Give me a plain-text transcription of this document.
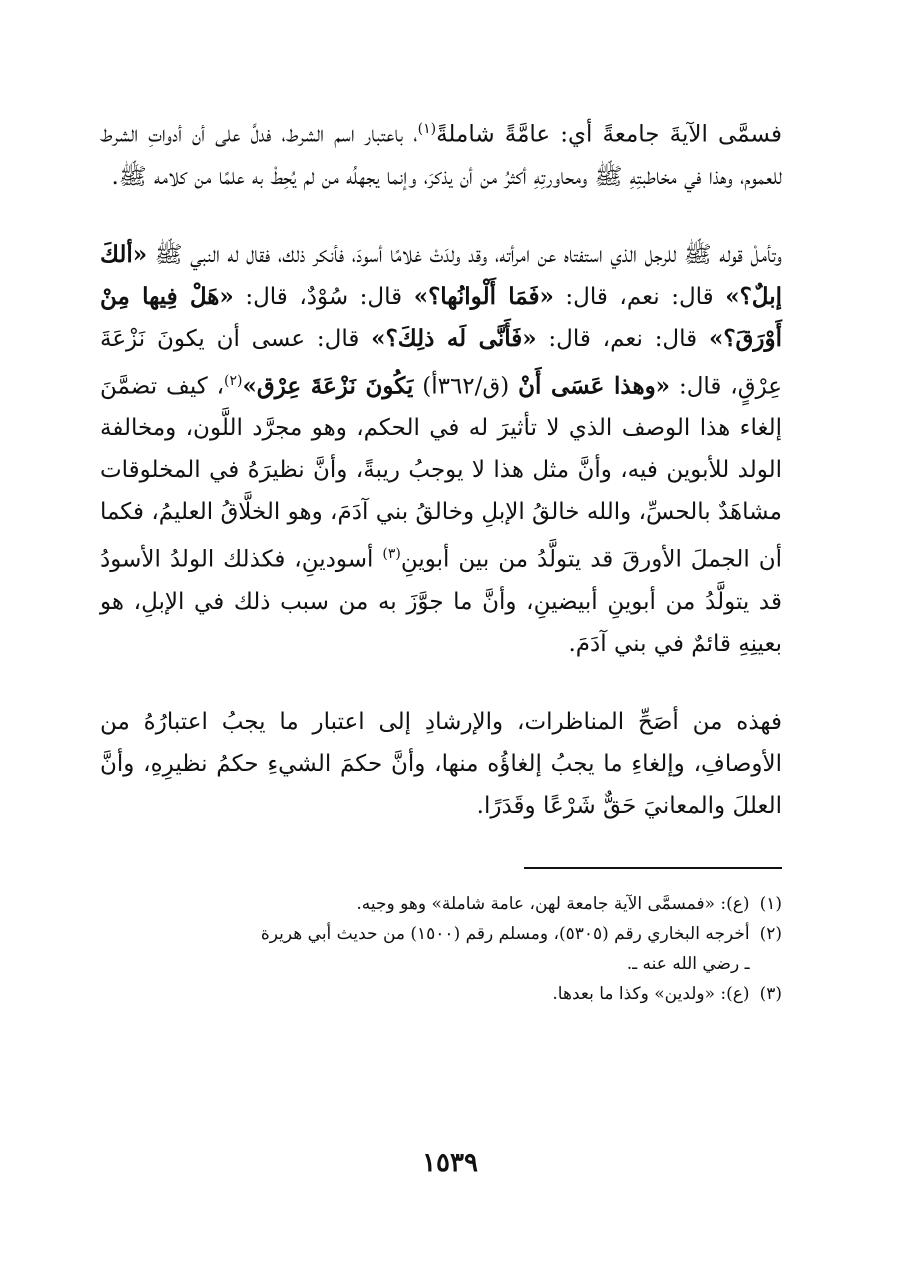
فسمَّى الآيةَ جامعةً أي: عامَّةً شاملةً$^{(١)}$، باعتبار اسم الشرط، فدلَّ على أن أدواتِ الشرط للعموم، وهذا في مخاطبتِهِ ﷺ ومحاورتِهِ أكثرُ من أن يذكرَ، وإنما يجهلُه من لم يُحِطْ به علمًا من كلامه ﷺ.

وتأملْ قوله ﷺ للرجل الذي استفتاه عن امرأته، وقد ولدَتْ غلامًا أسودَ، فأنكر ذلك، فقال له النبي ﷺ «ألكَ إبلٌ؟» قال: نعم، قال: «فَمَا أَلْوانُها؟» قال: سُوْدٌ، قال: «هَلْ فِيها مِنْ أَوْرَقَ؟» قال: نعم، قال: «فَأَنَّى لَه ذلِكَ؟» قال: عسى أن يكونَ نَزْعَةَ عِرْقٍ، قال: «وهذا عَسَى أَنْ (ق/٣٦٢أ) يَكُونَ نَزْعَةَ عِرْق»$^{(٢)}$، كيف تضمَّنَ إلغاء هذا الوصف الذي لا تأثيرَ له في الحكم، وهو مجرَّد اللَّون، ومخالفة الولد للأبوين فيه، وأنَّ مثل هذا لا يوجبُ ريبةً، وأنَّ نظيرَهُ في المخلوقات مشاهَدٌ بالحسِّ، والله خالقُ الإبلِ وخالقُ بني آدَمَ، وهو الخلَّاقُ العليمُ، فكما أن الجملَ الأورقَ قد يتولَّدُ من بين أبوينِ$^{(٣)}$ أسودينِ، فكذلك الولدُ الأسودُ قد يتولَّدُ من أبوينِ أبيضينِ، وأنَّ ما جوَّزَ به من سبب ذلك في الإبلِ، هو بعينِهِ قائمٌ في بني آدَمَ.

فهذه من أصَحِّ المناظرات، والإرشادِ إلى اعتبار ما يجبُ اعتبارُهُ من الأوصافِ، وإلغاءِ ما يجبُ إلغاؤُه منها، وأنَّ حكمَ الشيءِ حكمُ نظيرِهِ، وأنَّ العللَ والمعانيَ حَقٌّ شَرْعًا وقَدَرًا.

(١)
(ع): «فمسمَّى الآية جامعة لهن، عامة شاملة» وهو وجيه.
(٢)
أخرجه البخاري رقم (٥٣٠٥)، ومسلم رقم (١٥٠٠) من حديث أبي هريرة
ـ رضي الله عنه ـ.
(٣)
(ع): «ولدين» وكذا ما بعدها.
١٥٣٩
